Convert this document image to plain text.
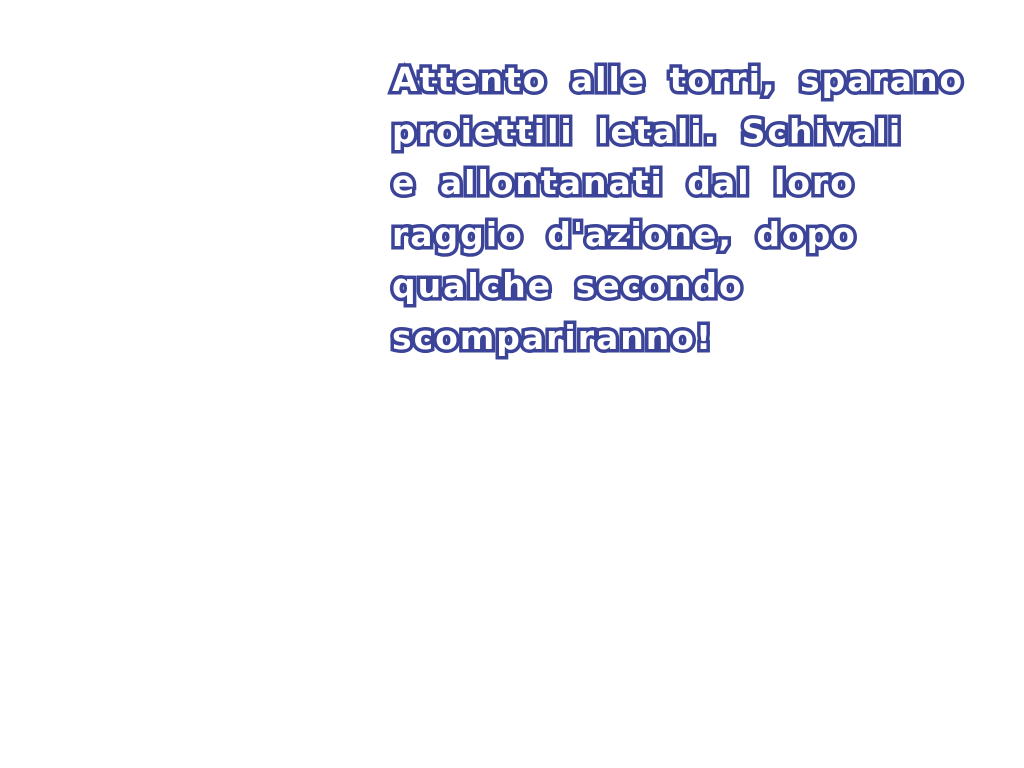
Attento alle torri, sparano
proiettili letali. Schivali
e allontanati dal loro
raggio d'azione, dopo
qualche secondo
scompariranno!
